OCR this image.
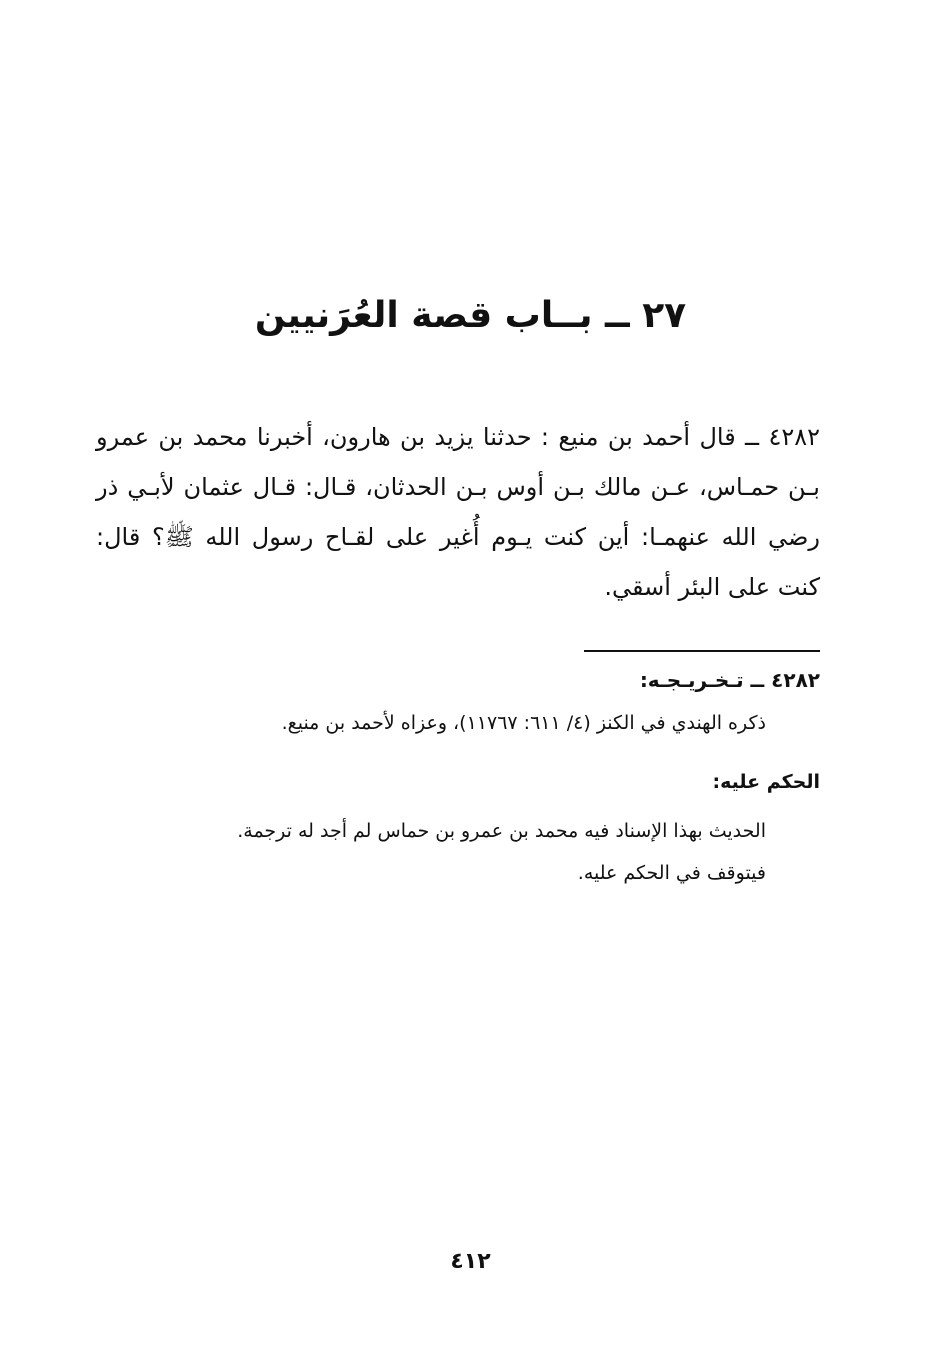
٢٧ ــ بــاب قصة العُرَنيين

٤٢٨٢ ــ قال أحمد بن منيع : حدثنا يزيد بن هارون، أخبرنا محمد بن عمرو بـن حمـاس، عـن مالك بـن أوس بـن الحدثان، قـال: قـال عثمان لأبـي ذر رضي الله عنهمـا: أين كنت يـوم أُغير على لقـاح رسول الله ﷺ؟ قال: كنت على البئر أسقي.

٤٢٨٢ ــ تـخـريـجـه:
ذكره الهندي في الكنز (٤/ ٦١١: ١١٧٦٧)، وعزاه لأحمد بن منيع.
الحكم عليه:
الحديث بهذا الإسناد فيه محمد بن عمرو بن حماس لم أجد له ترجمة.
فيتوقف في الحكم عليه.
٤١٢
